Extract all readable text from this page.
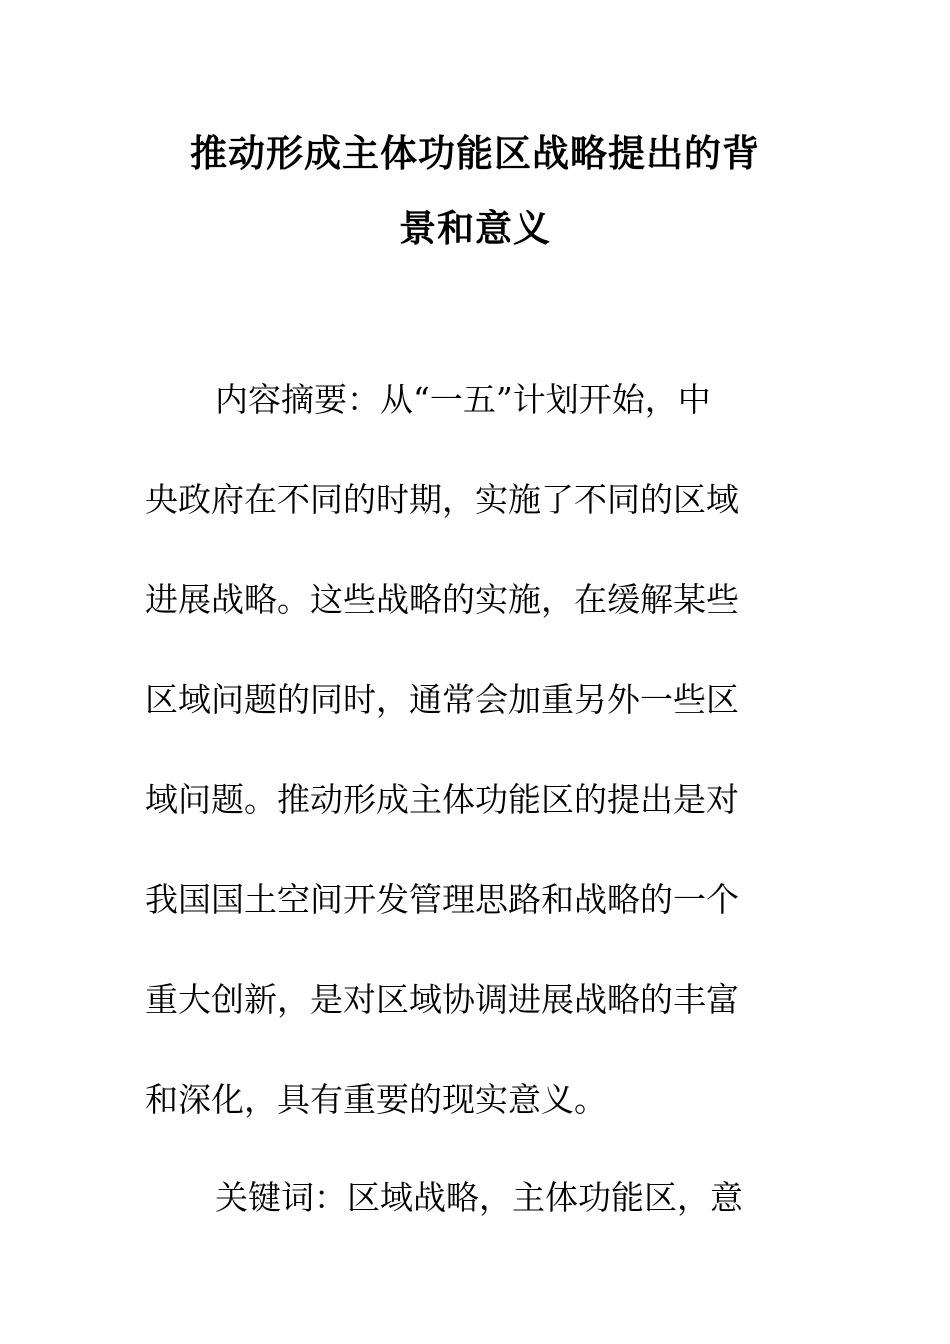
推动形成主体功能区战略提出的背
景和意义
内容摘要：从“一五”计划开始，中
央政府在不同的时期，实施了不同的区域
进展战略。这些战略的实施，在缓解某些
区域问题的同时，通常会加重另外一些区
域问题。推动形成主体功能区的提出是对
我国国土空间开发管理思路和战略的一个
重大创新，是对区域协调进展战略的丰富
和深化，具有重要的现实意义。
关键词：区域战略，主体功能区，意
